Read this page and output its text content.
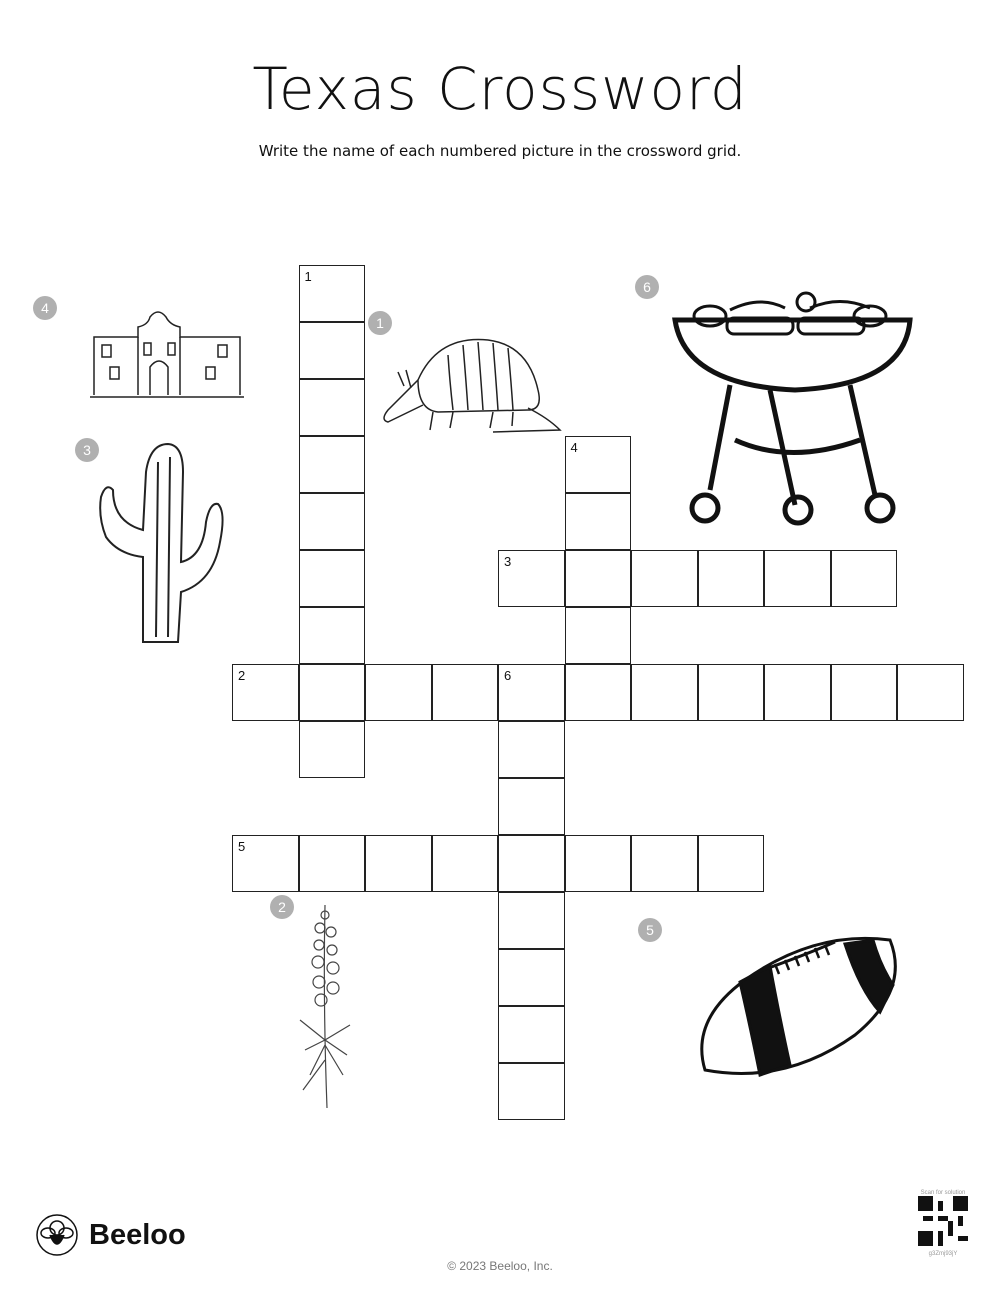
Texas Crossword
Write the name of each numbered picture in the crossword grid.
1
4
3
2	6
5
4
1
6
3
2
5
Beeloo
© 2023 Beeloo, Inc.
Scan for solution
g3Zmj93jY
